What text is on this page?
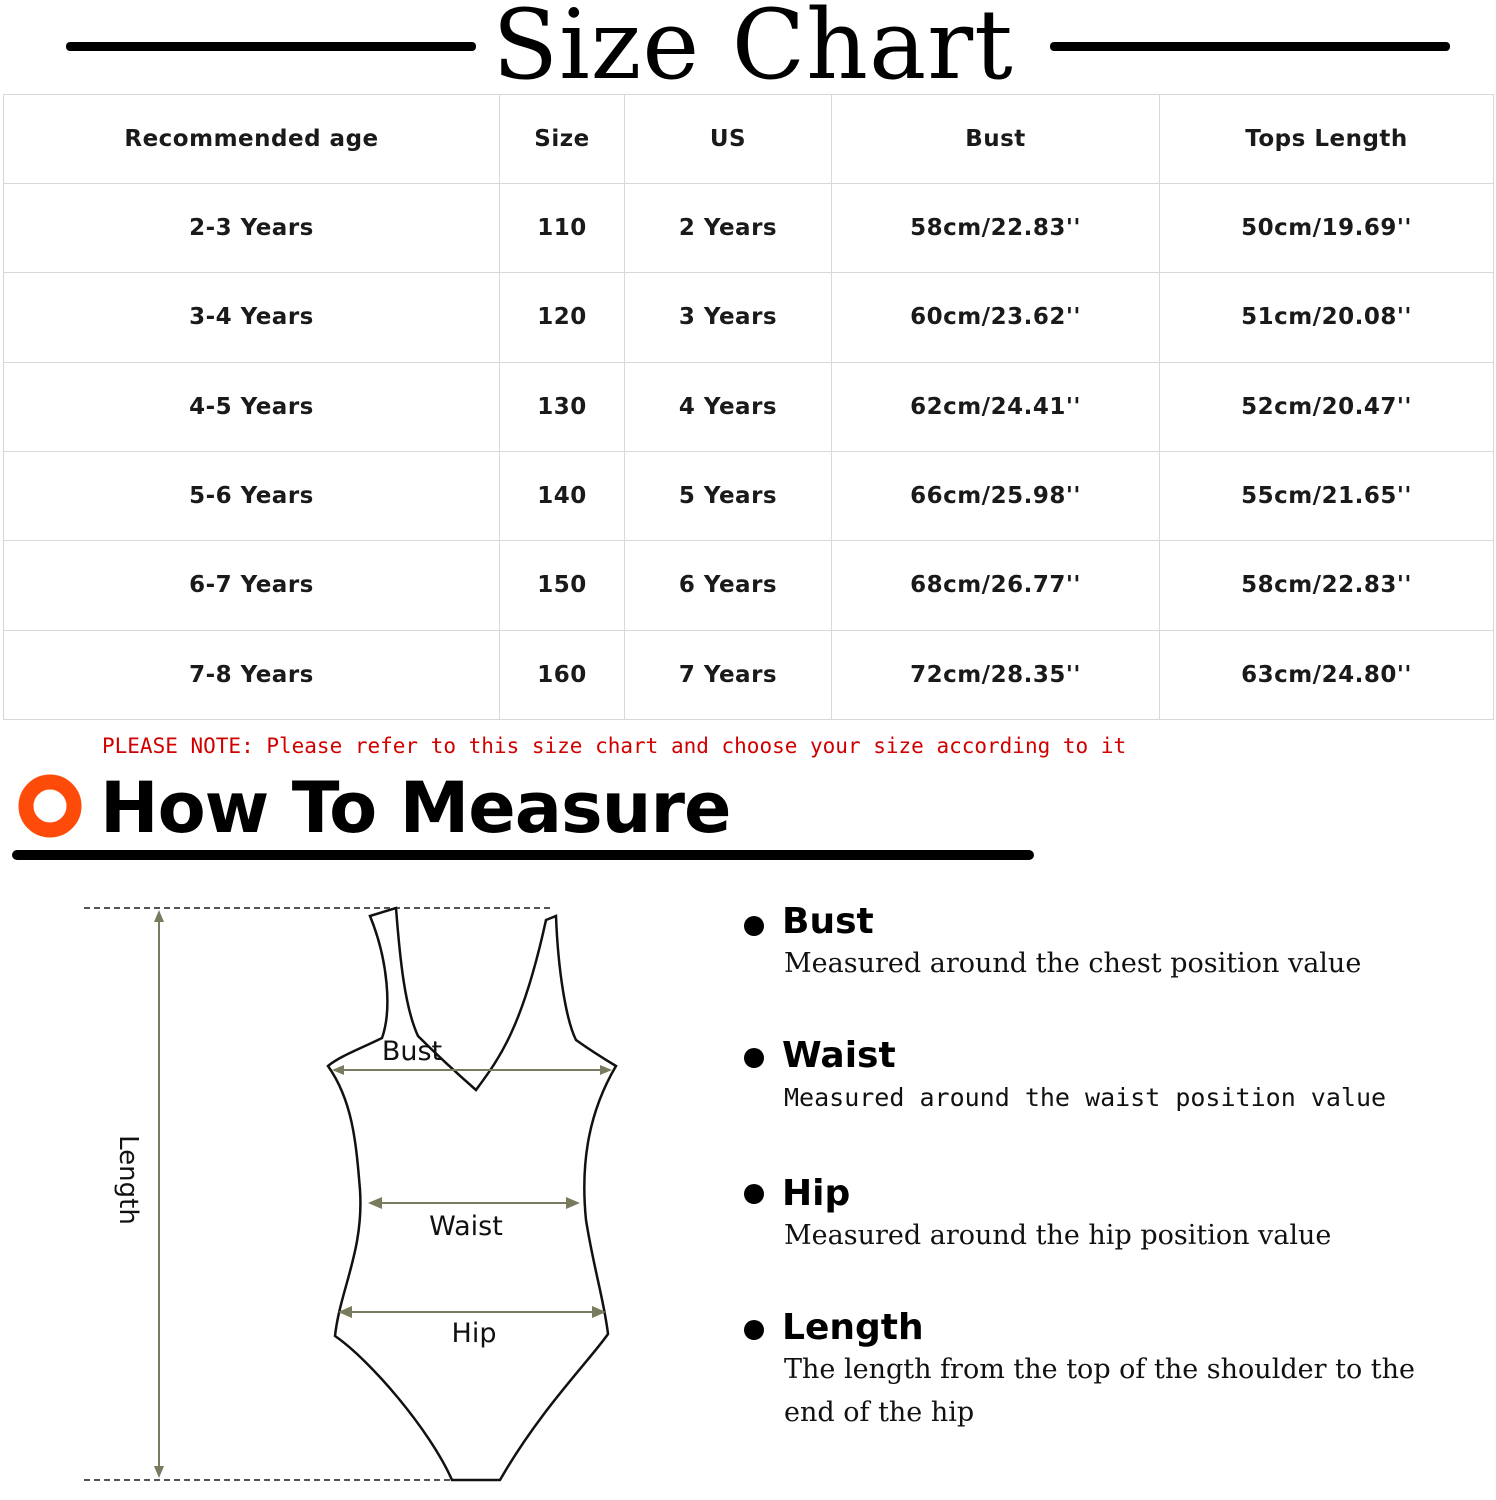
Size Chart
Recommended age	Size	US	Bust	Tops Length
2-3 Years	110	2 Years	58cm/22.83''	50cm/19.69''
3-4 Years	120	3 Years	60cm/23.62''	51cm/20.08''
4-5 Years	130	4 Years	62cm/24.41''	52cm/20.47''
5-6 Years	140	5 Years	66cm/25.98''	55cm/21.65''
6-7 Years	150	6 Years	68cm/26.77''	58cm/22.83''
7-8 Years	160	7 Years	72cm/28.35''	63cm/24.80''
PLEASE NOTE: Please refer to this size chart and choose your size according to it
How To Measure
Length
Bust
Waist
Hip
Bust
Measured around the chest position value
Waist
Measured around the waist position value
Hip
Measured around the hip position value
Length
The length from the top of the shoulder to the end of the hip
